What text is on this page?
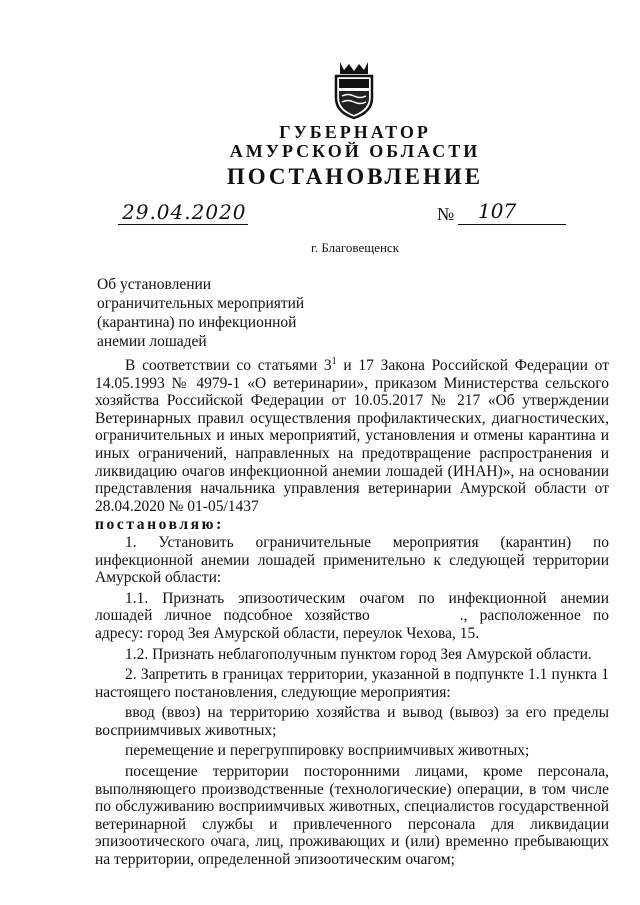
ГУБЕРНАТОР
АМУРСКОЙ ОБЛАСТИ
ПОСТАНОВЛЕНИЕ
29.04.2020	№ 107
г. Благовещенск
Об установлении
ограничительных мероприятий
(карантина) по инфекционной
анемии лошадей

В соответствии со статьями $3^1$ и 17 Закона Российской Федерации от 14.05.1993 № 4979-1 «О ветеринарии», приказом Министерства сельского хозяйства Российской Федерации от 10.05.2017 № 217 «Об утверждении Ветеринарных правил осуществления профилактических, диагностических, ограничительных и иных мероприятий, установления и отмены карантина и иных ограничений, направленных на предотвращение распространения и ликвидацию очагов инфекционной анемии лошадей (ИНАН)», на основании представления начальника управления ветеринарии Амурской области от 28.04.2020 № 01-05/1437

постановляю:

1. Установить ограничительные мероприятия (карантин) по инфекционной анемии лошадей применительно к следующей территории Амурской области:

1.1. Признать эпизоотическим очагом по инфекционной анемии лошадей личное подсобное хозяйство	., расположенное по адресу: город Зея Амурской области, переулок Чехова, 15.

1.2. Признать неблагополучным пунктом город Зея Амурской области.

2. Запретить в границах территории, указанной в подпункте 1.1 пункта 1 настоящего постановления, следующие мероприятия:

ввод (ввоз) на территорию хозяйства и вывод (вывоз) за его пределы восприимчивых животных;

перемещение и перегруппировку восприимчивых животных;

посещение территории посторонними лицами, кроме персонала, выполняющего производственные (технологические) операции, в том числе по обслуживанию восприимчивых животных, специалистов государственной ветеринарной службы и привлеченного персонала для ликвидации эпизоотического очага, лиц, проживающих и (или) временно пребывающих на территории, определенной эпизоотическим очагом;
